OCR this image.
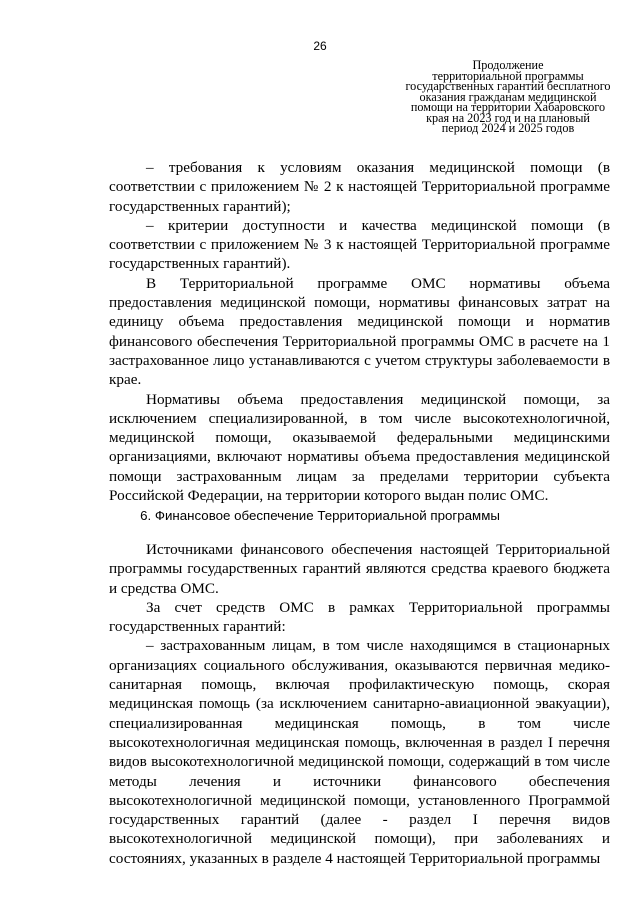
26
Продолжение
территориальной программы
государственных гарантий бесплатного
оказания гражданам медицинской
помощи на территории Хабаровского
края на 2023 год и на плановый
период 2024 и 2025 годов

– требования к условиям оказания медицинской помощи (в соответствии с приложением № 2 к настоящей Территориальной программе государственных гарантий);

– критерии доступности и качества медицинской помощи (в соответствии с приложением № 3 к настоящей Территориальной программе государственных гарантий).

В Территориальной программе ОМС нормативы объема предоставления медицинской помощи, нормативы финансовых затрат на единицу объема предоставления медицинской помощи и норматив финансового обеспечения Территориальной программы ОМС в расчете на 1 застрахованное лицо устанавливаются с учетом структуры заболеваемости в крае.

Нормативы объема предоставления медицинской помощи, за исключением специализированной, в том числе высокотехнологичной, медицинской помощи, оказываемой федеральными медицинскими организациями, включают нормативы объема предоставления медицинской помощи застрахованным лицам за пределами территории субъекта Российской Федерации, на территории которого выдан полис ОМС.

6. Финансовое обеспечение Территориальной программы

Источниками финансового обеспечения настоящей Территориальной программы государственных гарантий являются средства краевого бюджета и средства ОМС.

За счет средств ОМС в рамках Территориальной программы государственных гарантий:

– застрахованным лицам, в том числе находящимся в стационарных организациях социального обслуживания, оказываются первичная медико-санитарная помощь, включая профилактическую помощь, скорая медицинская помощь (за исключением санитарно-авиационной эвакуации), специализированная медицинская помощь, в том числе высокотехнологичная медицинская помощь, включенная в раздел I перечня видов высокотехнологичной медицинской помощи, содержащий в том числе методы лечения и источники финансового обеспечения высокотехнологичной медицинской помощи, установленного Программой государственных гарантий (далее - раздел I перечня видов высокотехнологичной медицинской помощи), при заболеваниях и состояниях, указанных в разделе 4 настоящей Территориальной программы
